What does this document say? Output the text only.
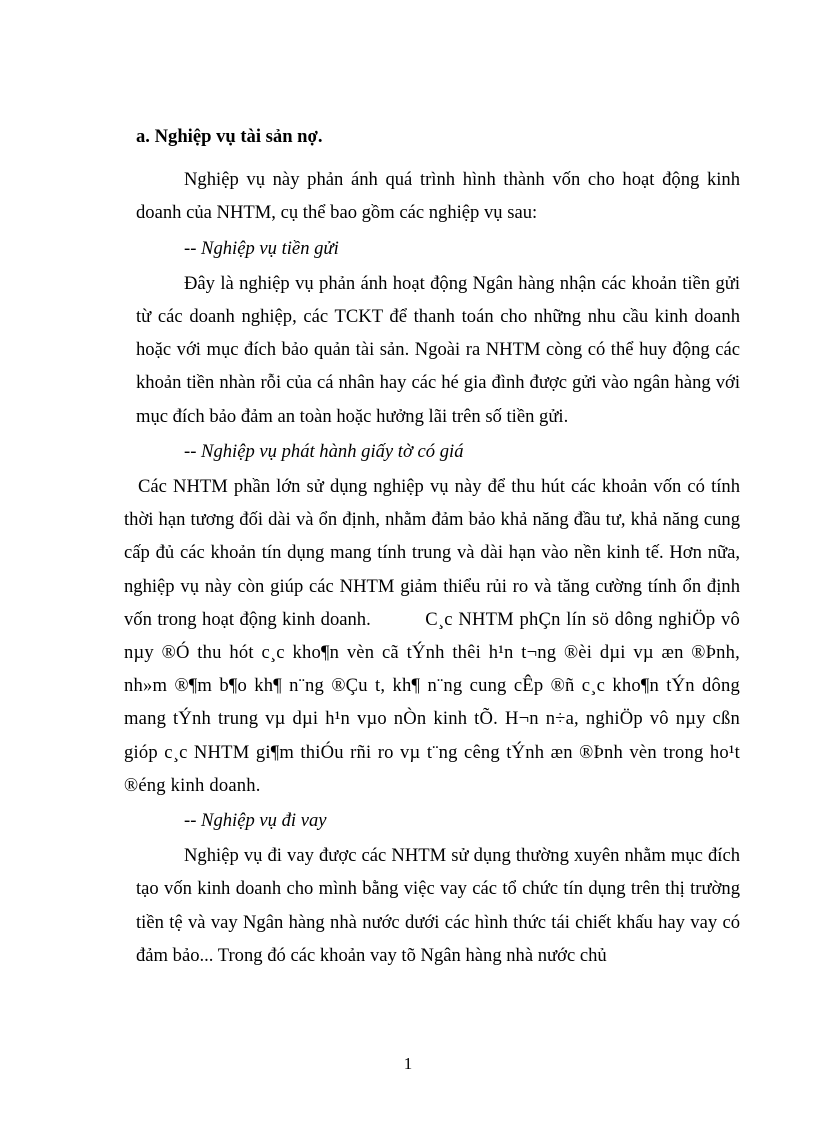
a. Nghiệp vụ tài sản nợ.

Nghiệp vụ này phản ánh quá trình hình thành vốn cho hoạt động kinh doanh của NHTM, cụ thể bao gồm các nghiệp vụ sau:

-- Nghiệp vụ tiền gửi

Đây là nghiệp vụ phản ánh hoạt động Ngân hàng nhận các khoản tiền gửi từ các doanh nghiệp, các TCKT để thanh toán cho những nhu cầu kinh doanh hoặc với mục đích bảo quản tài sản. Ngoài ra NHTM còng có thể huy động các khoản tiền nhàn rỗi của cá nhân hay các hé gia đình được gửi vào ngân hàng với mục đích bảo đảm an toàn hoặc hưởng lãi trên số tiền gửi.

-- Nghiệp vụ phát hành giấy tờ có giá

Các NHTM phần lớn sử dụng nghiệp vụ này để thu hút các khoản vốn có tính thời hạn tương đối dài và ổn định, nhằm đảm bảo khả năng đầu tư, khả năng cung cấp đủ các khoản tín dụng mang tính trung và dài hạn vào nền kinh tế. Hơn nữa, nghiệp vụ này còn giúp các NHTM giảm thiểu rủi ro và tăng cường tính ổn định vốn trong hoạt động kinh doanh.	C¸c NHTM phÇn lín sö dông nghiÖp vô nµy ®Ó thu hót c¸c kho¶n vèn cã tÝnh thêi h¹n t¬ng ®èi dµi vµ æn ®Þnh, nh»m ®¶m b¶o kh¶ n¨ng ®Çu t, kh¶ n¨ng cung cÊp ®ñ c¸c kho¶n tÝn dông mang tÝnh trung vµ dµi h¹n vµo nÒn kinh tÕ. H¬n n÷a, nghiÖp vô nµy cßn gióp c¸c NHTM gi¶m thiÓu rñi ro vµ t¨ng cêng tÝnh æn ®Þnh vèn trong ho¹t ®éng kinh doanh.

-- Nghiệp vụ đi vay

Nghiệp vụ đi vay được các NHTM sử dụng thường xuyên nhằm mục đích tạo vốn kinh doanh cho mình bằng việc vay các tổ chức tín dụng trên thị trường tiền tệ và vay Ngân hàng nhà nước dưới các hình thức tái chiết khấu hay vay có đảm bảo... Trong đó các khoản vay tõ Ngân hàng nhà nước chủ

1
